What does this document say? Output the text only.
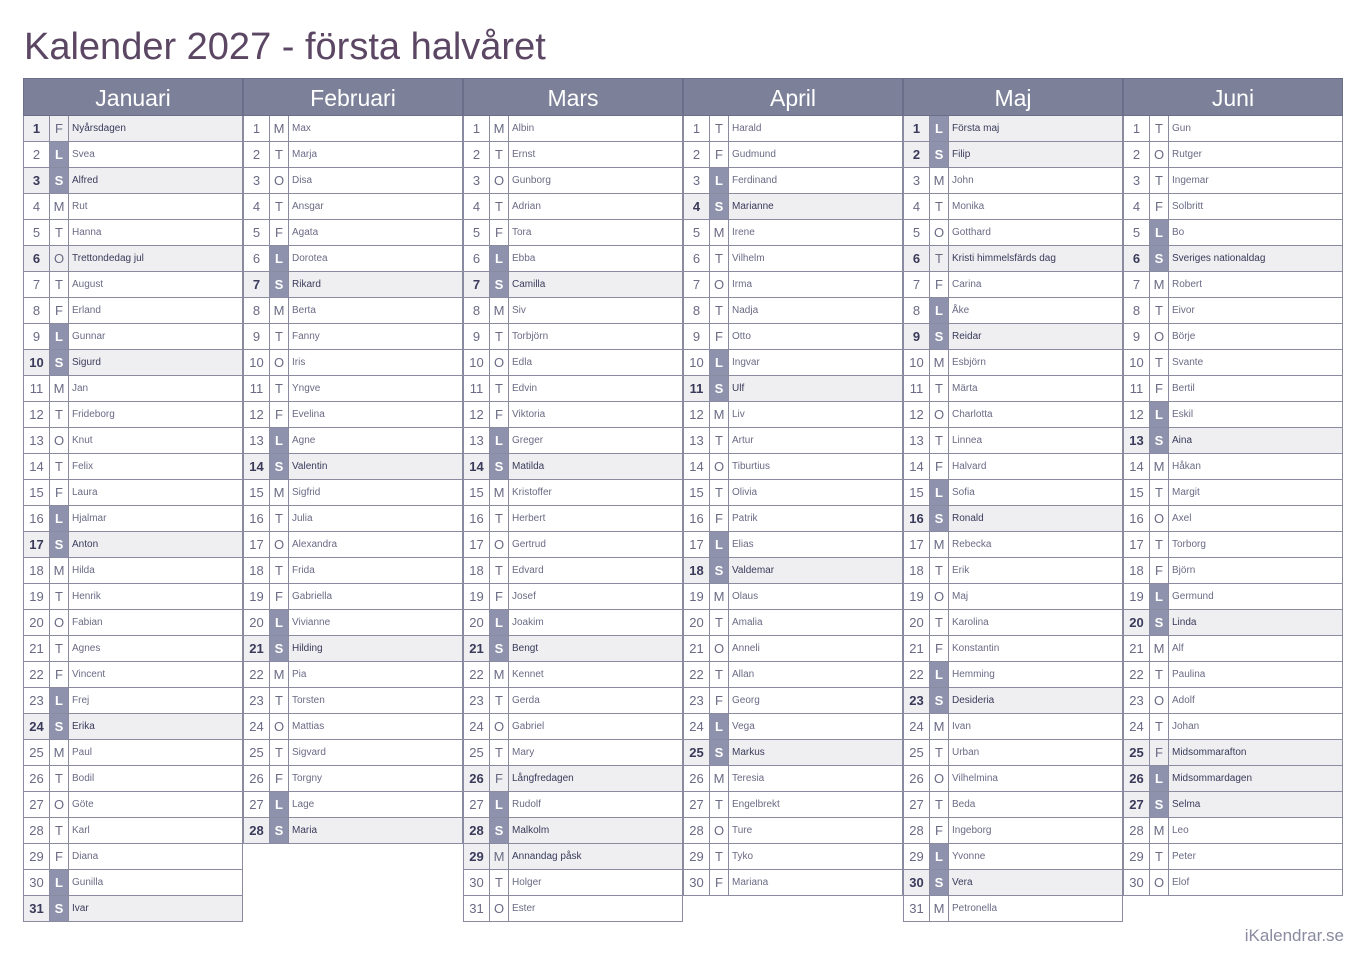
Kalender 2027 - första halvåret
Januari
1	F Nyårsdagen
2	L Svea
3	S Alfred
4	M Rut
5	T Hanna
6	O Trettondedag jul
7	T August
8	F Erland
9	L Gunnar
10 S Sigurd
11 M Jan
12 T Frideborg
13 O Knut
14 T Felix
15 F Laura
16 L Hjalmar
17 S Anton
18 M Hilda
19 T Henrik
20 O Fabian
21 T Agnes
22 F Vincent
23 L Frej
24 S Erika
25 M Paul
26 T Bodil
27 O Göte
28 T Karl
29 F Diana
30 L Gunilla
31 S Ivar
Februari
1	M Max
2	T Marja
3	O Disa
4	T Ansgar
5	F Agata
6	L Dorotea
7	S Rikard
8	M Berta
9	T Fanny
10 O Iris
11 T Yngve
12 F Evelina
13 L Agne
14 S Valentin
15 M Sigfrid
16 T Julia
17 O Alexandra
18 T Frida
19 F Gabriella
20 L Vivianne
21 S Hilding
22 M Pia
23 T Torsten
24 O Mattias
25 T Sigvard
26 F Torgny
27 L Lage
28 S Maria
Mars
1	M Albin
2	T Ernst
3	O Gunborg
4	T Adrian
5	F Tora
6	L Ebba
7	S Camilla
8	M Siv
9	T Torbjörn
10 O Edla
11 T Edvin
12 F Viktoria
13 L Greger
14 S Matilda
15 M Kristoffer
16 T Herbert
17 O Gertrud
18 T Edvard
19 F Josef
20 L Joakim
21 S Bengt
22 M Kennet
23 T Gerda
24 O Gabriel
25 T Mary
26 F Långfredagen
27 L Rudolf
28 S Malkolm
29 M Annandag påsk
30 T Holger
31 O Ester
April
1	T Harald
2	F Gudmund
3	L Ferdinand
4	S Marianne
5	M Irene
6	T Vilhelm
7	O Irma
8	T Nadja
9	F Otto
10 L Ingvar
11 S Ulf
12 M Liv
13 T Artur
14 O Tiburtius
15 T Olivia
16 F Patrik
17 L Elias
18 S Valdemar
19 M Olaus
20 T Amalia
21 O Anneli
22 T Allan
23 F Georg
24 L Vega
25 S Markus
26 M Teresia
27 T Engelbrekt
28 O Ture
29 T Tyko
30 F Mariana
Maj
1	L Första maj
2	S Filip
3	M John
4	T Monika
5	O Gotthard
6	T Kristi himmelsfärds dag
7	F Carina
8	L Åke
9	S Reidar
10 M Esbjörn
11 T Märta
12 O Charlotta
13 T Linnea
14 F Halvard
15 L Sofia
16 S Ronald
17 M Rebecka
18 T Erik
19 O Maj
20 T Karolina
21 F Konstantin
22 L Hemming
23 S Desideria
24 M Ivan
25 T Urban
26 O Vilhelmina
27 T Beda
28 F Ingeborg
29 L Yvonne
30 S Vera
31 M Petronella
Juni
1	T Gun
2	O Rutger
3	T Ingemar
4	F Solbritt
5	L Bo
6	S Sveriges nationaldag
7	M Robert
8	T Eivor
9	O Börje
10 T Svante
11 F Bertil
12 L Eskil
13 S Aina
14 M Håkan
15 T Margit
16 O Axel
17 T Torborg
18 F Björn
19 L Germund
20 S Linda
21 M Alf
22 T Paulina
23 O Adolf
24 T Johan
25 F Midsommarafton
26 L Midsommardagen
27 S Selma
28 M Leo
29 T Peter
30 O Elof
iKalendrar.se
